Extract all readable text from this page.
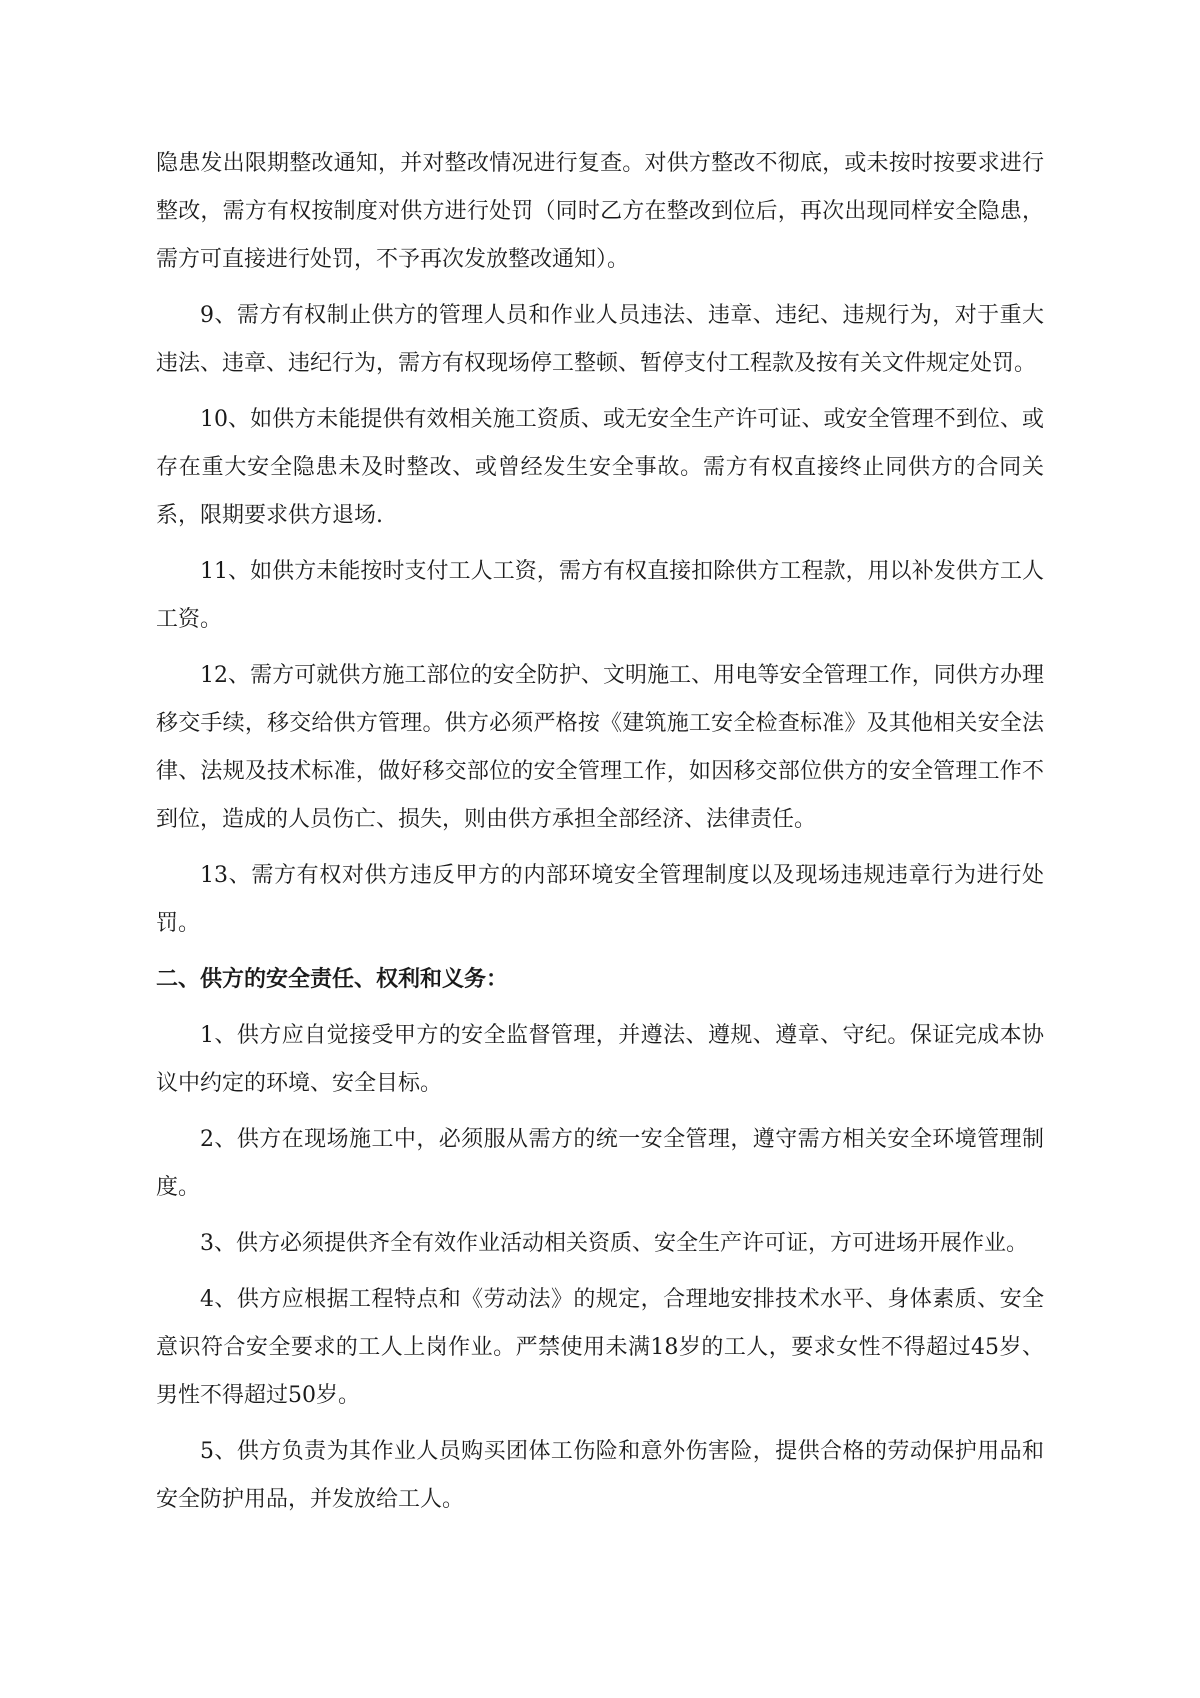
隐患发出限期整改通知，并对整改情况进行复查。对供方整改不彻底，或未按时按要求进行整改，需方有权按制度对供方进行处罚（同时乙方在整改到位后，再次出现同样安全隐患，需方可直接进行处罚，不予再次发放整改通知）。

9、需方有权制止供方的管理人员和作业人员违法、违章、违纪、违规行为，对于重大违法、违章、违纪行为，需方有权现场停工整顿、暂停支付工程款及按有关文件规定处罚。

10、如供方未能提供有效相关施工资质、或无安全生产许可证、或安全管理不到位、或存在重大安全隐患未及时整改、或曾经发生安全事故。需方有权直接终止同供方的合同关系，限期要求供方退场.

11、如供方未能按时支付工人工资，需方有权直接扣除供方工程款，用以补发供方工人工资。

12、需方可就供方施工部位的安全防护、文明施工、用电等安全管理工作，同供方办理移交手续，移交给供方管理。供方必须严格按《建筑施工安全检查标准》及其他相关安全法律、法规及技术标准，做好移交部位的安全管理工作，如因移交部位供方的安全管理工作不到位，造成的人员伤亡、损失，则由供方承担全部经济、法律责任。

13、需方有权对供方违反甲方的内部环境安全管理制度以及现场违规违章行为进行处罚。

二、供方的安全责任、权利和义务：

1、供方应自觉接受甲方的安全监督管理，并遵法、遵规、遵章、守纪。保证完成本协议中约定的环境、安全目标。

2、供方在现场施工中，必须服从需方的统一安全管理，遵守需方相关安全环境管理制度。

3、供方必须提供齐全有效作业活动相关资质、安全生产许可证，方可进场开展作业。

4、供方应根据工程特点和《劳动法》的规定，合理地安排技术水平、身体素质、安全意识符合安全要求的工人上岗作业。严禁使用未满18岁的工人，要求女性不得超过45岁、男性不得超过50岁。

5、供方负责为其作业人员购买团体工伤险和意外伤害险，提供合格的劳动保护用品和安全防护用品，并发放给工人。
